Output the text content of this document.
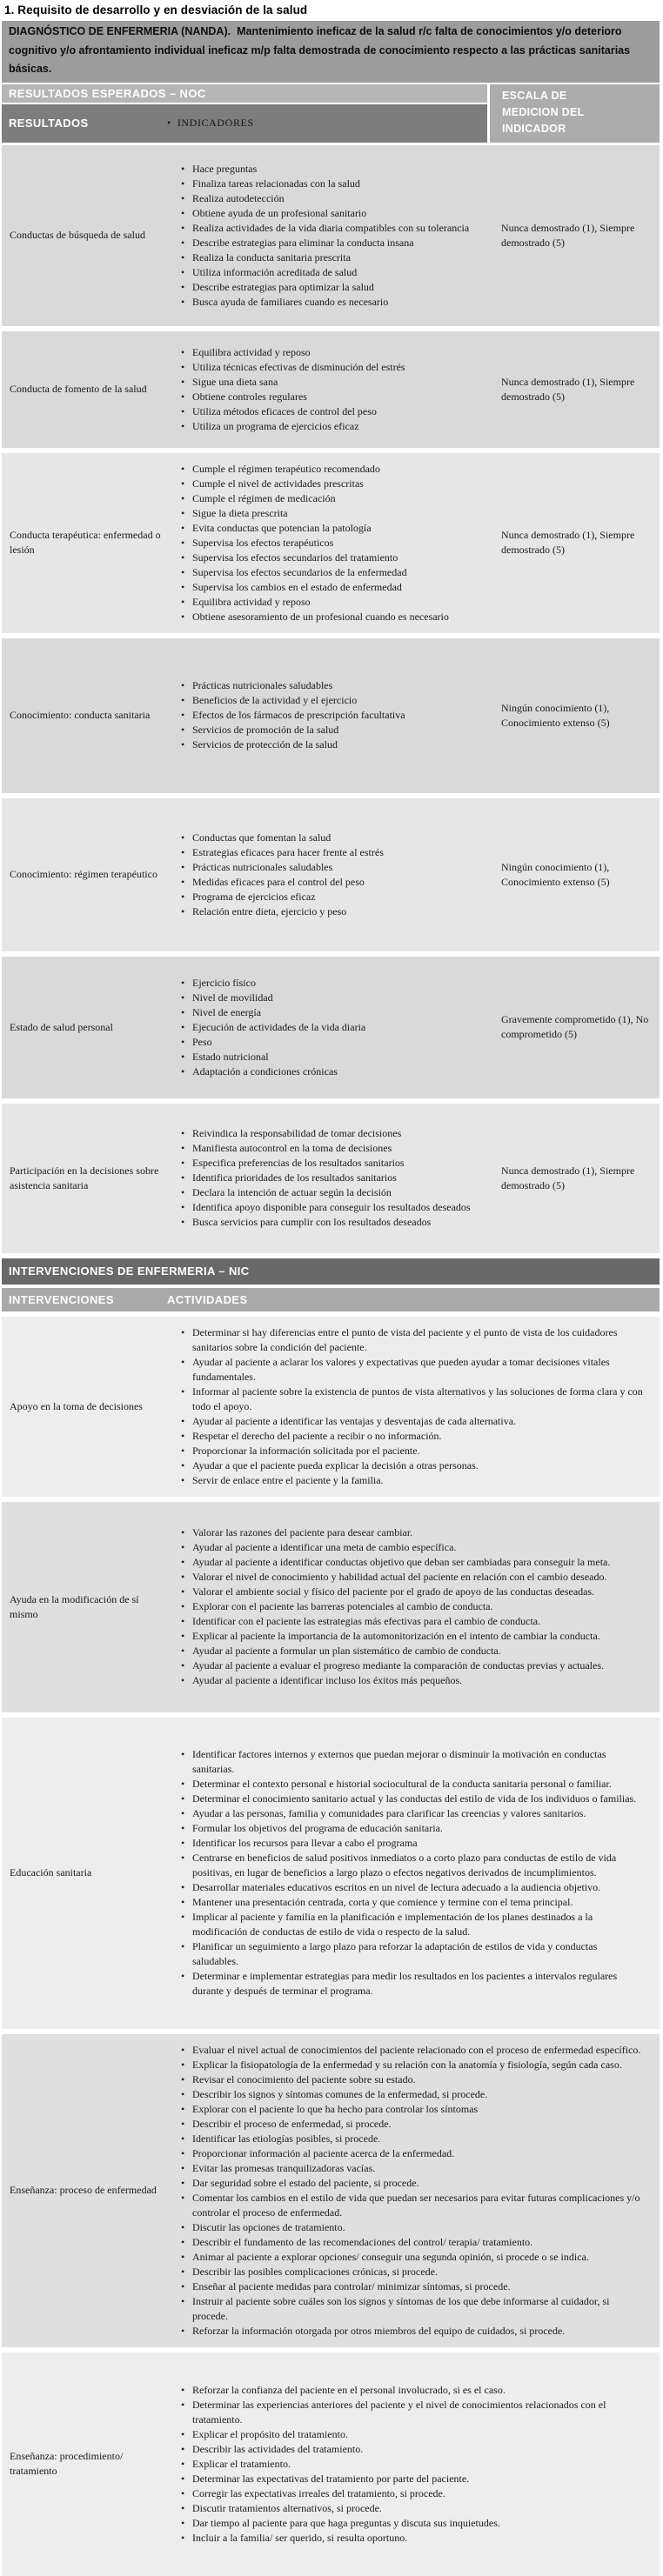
1. Requisito de desarrollo y en desviación de la salud
DIAGNÓSTICO DE ENFERMERIA (NANDA). Mantenimiento ineficaz de la salud r/c falta de conocimientos y/o deterioro cognitivo y/o afrontamiento individual ineficaz m/p falta demostrada de conocimiento respecto a las prácticas sanitarias básicas.
RESULTADOS ESPERADOS – NOC
RESULTADOS	• INDICADORES
ESCALA DE MEDICION DEL INDICADOR
Conductas de búsqueda de salud
• Hace preguntas
• Finaliza tareas relacionadas con la salud
• Realiza autodetección
• Obtiene ayuda de un profesional sanitario
• Realiza actividades de la vida diaria compatibles con su tolerancia
• Describe estrategias para eliminar la conducta insana
• Realiza la conducta sanitaria prescrita
• Utiliza información acreditada de salud
• Describe estrategias para optimizar la salud
• Busca ayuda de familiares cuando es necesario
Nunca demostrado (1), Siempre demostrado (5)
Conducta de fomento de la salud
• Equilibra actividad y reposo
• Utiliza técnicas efectivas de disminución del estrés
• Sigue una dieta sana
• Obtiene controles regulares
• Utiliza métodos eficaces de control del peso
• Utiliza un programa de ejercicios eficaz
Nunca demostrado (1), Siempre demostrado (5)
Conducta terapéutica: enfermedad o lesión
• Cumple el régimen terapéutico recomendado
• Cumple el nivel de actividades prescritas
• Cumple el régimen de medicación
• Sigue la dieta prescrita
• Evita conductas que potencian la patología
• Supervisa los efectos terapéuticos
• Supervisa los efectos secundarios del tratamiento
• Supervisa los efectos secundarios de la enfermedad
• Supervisa los cambios en el estado de enfermedad
• Equilibra actividad y reposo
• Obtiene asesoramiento de un profesional cuando es necesario
Nunca demostrado (1), Siempre demostrado (5)
Conocimiento: conducta sanitaria
• Prácticas nutricionales saludables
• Beneficios de la actividad y el ejercicio
• Efectos de los fármacos de prescripción facultativa
• Servicios de promoción de la salud
• Servicios de protección de la salud
Ningún conocimiento (1), Conocimiento extenso (5)
Conocimiento: régimen terapéutico
• Conductas que fomentan la salud
• Estrategias eficaces para hacer frente al estrés
• Prácticas nutricionales saludables
• Medidas eficaces para el control del peso
• Programa de ejercicios eficaz
• Relación entre dieta, ejercicio y peso
Ningún conocimiento (1), Conocimiento extenso (5)
Estado de salud personal
• Ejercicio físico
• Nivel de movilidad
• Nivel de energía
• Ejecución de actividades de la vida diaria
• Peso
• Estado nutricional
• Adaptación a condiciones crónicas
Gravemente comprometido (1), No comprometido (5)
Participación en la decisiones sobre asistencia sanitaria
• Reivindica la responsabilidad de tomar decisiones
• Manifiesta autocontrol en la toma de decisiones
• Especifica preferencias de los resultados sanitarios
• Identifica prioridades de los resultados sanitarios
• Declara la intención de actuar según la decisión
• Identifica apoyo disponible para conseguir los resultados deseados
• Busca servicios para cumplir con los resultados deseados
Nunca demostrado (1), Siempre demostrado (5)
INTERVENCIONES DE ENFERMERIA – NIC
INTERVENCIONES	ACTIVIDADES
Apoyo en la toma de decisiones
• Determinar si hay diferencias entre el punto de vista del paciente y el punto de vista de los cuidadores sanitarios sobre la condición del paciente.
• Ayudar al paciente a aclarar los valores y expectativas que pueden ayudar a tomar decisiones vitales fundamentales.
• Informar al paciente sobre la existencia de puntos de vista alternativos y las soluciones de forma clara y con todo el apoyo.
• Ayudar al paciente a identificar las ventajas y desventajas de cada alternativa.
• Respetar el derecho del paciente a recibir o no información.
• Proporcionar la información solicitada por el paciente.
• Ayudar a que el paciente pueda explicar la decisión a otras personas.
• Servir de enlace entre el paciente y la familia.
Ayuda en la modificación de sí mismo
• Valorar las razones del paciente para desear cambiar.
• Ayudar al paciente a identificar una meta de cambio específica.
• Ayudar al paciente a identificar conductas objetivo que deban ser cambiadas para conseguir la meta.
• Valorar el nivel de conocimiento y habilidad actual del paciente en relación con el cambio deseado.
• Valorar el ambiente social y físico del paciente por el grado de apoyo de las conductas deseadas.
• Explorar con el paciente las barreras potenciales al cambio de conducta.
• Identificar con el paciente las estrategias más efectivas para el cambio de conducta.
• Explicar al paciente la importancia de la automonitorización en el intento de cambiar la conducta.
• Ayudar al paciente a formular un plan sistemático de cambio de conducta.
• Ayudar al paciente a evaluar el progreso mediante la comparación de conductas previas y actuales.
• Ayudar al paciente a identificar incluso los éxitos más pequeños.
Educación sanitaria
• Identificar factores internos y externos que puedan mejorar o disminuir la motivación en conductas sanitarias.
• Determinar el contexto personal e historial sociocultural de la conducta sanitaria personal o familiar.
• Determinar el conocimiento sanitario actual y las conductas del estilo de vida de los individuos o familias.
• Ayudar a las personas, familia y comunidades para clarificar las creencias y valores sanitarios.
• Formular los objetivos del programa de educación sanitaria.
• Identificar los recursos para llevar a cabo el programa
• Centrarse en beneficios de salud positivos inmediatos o a corto plazo para conductas de estilo de vida positivas, en lugar de beneficios a largo plazo o efectos negativos derivados de incumplimientos.
• Desarrollar materiales educativos escritos en un nivel de lectura adecuado a la audiencia objetivo.
• Mantener una presentación centrada, corta y que comience y termine con el tema principal.
• Implicar al paciente y familia en la planificación e implementación de los planes destinados a la modificación de conductas de estilo de vida o respecto de la salud.
• Planificar un seguimiento a largo plazo para reforzar la adaptación de estilos de vida y conductas saludables.
• Determinar e implementar estrategias para medir los resultados en los pacientes a intervalos regulares durante y después de terminar el programa.
Enseñanza: proceso de enfermedad
• Evaluar el nivel actual de conocimientos del paciente relacionado con el proceso de enfermedad específico.
• Explicar la fisiopatología de la enfermedad y su relación con la anatomía y fisiología, según cada caso.
• Revisar el conocimiento del paciente sobre su estado.
• Describir los signos y síntomas comunes de la enfermedad, si procede.
• Explorar con el paciente lo que ha hecho para controlar los síntomas
• Describir el proceso de enfermedad, si procede.
• Identificar las etiologías posibles, si procede.
• Proporcionar información al paciente acerca de la enfermedad.
• Evitar las promesas tranquilizadoras vacías.
• Dar seguridad sobre el estado del paciente, si procede.
• Comentar los cambios en el estilo de vida que puedan ser necesarios para evitar futuras complicaciones y/o controlar el proceso de enfermedad.
• Discutir las opciones de tratamiento.
• Describir el fundamento de las recomendaciones del control/ terapia/ tratamiento.
• Animar al paciente a explorar opciones/ conseguir una segunda opinión, si procede o se indica.
• Describir las posibles complicaciones crónicas, si procede.
• Enseñar al paciente medidas para controlar/ minimizar síntomas, si procede.
• Instruir al paciente sobre cuáles son los signos y síntomas de los que debe informarse al cuidador, si procede.
• Reforzar la información otorgada por otros miembros del equipo de cuidados, si procede.
Enseñanza: procedimiento/ tratamiento
• Reforzar la confianza del paciente en el personal involucrado, si es el caso.
• Determinar las experiencias anteriores del paciente y el nivel de conocimientos relacionados con el tratamiento.
• Explicar el propósito del tratamiento.
• Describir las actividades del tratamiento.
• Explicar el tratamiento.
• Determinar las expectativas del tratamiento por parte del paciente.
• Corregir las expectativas irreales del tratamiento, si procede.
• Discutir tratamientos alternativos, si procede.
• Dar tiempo al paciente para que haga preguntas y discuta sus inquietudes.
• Incluir a la familia/ ser querido, si resulta oportuno.
